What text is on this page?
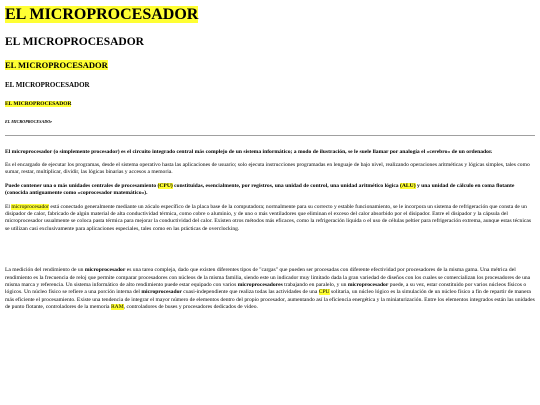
EL MICROPROCESADOR
EL MICROPROCESADOR
EL MICROPROCESADOR
EL MICROPROCESADOR
EL MICROPROCESADOR
EL MICROPROCESADOr

El microprocesador (o simplemente procesador) es el circuito integrado central más complejo de un sistema informático; a modo de ilustración, se le suele llamar por analogía el «cerebro» de un ordenador.

Es el encargado de ejecutar los programas, desde el sistema operativo hasta las aplicaciones de usuario; solo ejecuta instrucciones programadas en lenguaje de bajo nivel, realizando operaciones aritméticas y lógicas simples, tales como sumar, restar, multiplicar, dividir, las lógicas binarias y accesos a memoria.

Puede contener una o más unidades centrales de procesamiento (CPU) constituidas, esencialmente, por registros, una unidad de control, una unidad aritmético lógica (ALU) y una unidad de cálculo en coma flotante (conocida antiguamente como «coprocesador matemático»).

El microprocesador está conectado generalmente mediante un zócalo específico de la placa base de la computadora; normalmente para su correcto y estable funcionamiento, se le incorpora un sistema de refrigeración que consta de un disipador de calor, fabricado de algún material de alta conductividad térmica, como cobre o aluminio, y de uno o más ventiladores que eliminan el exceso del calor absorbido por el disipador. Entre el disipador y la cápsula del microprocesador usualmente se coloca pasta térmica para mejorar la conductividad del calor. Existen otros métodos más eficaces, como la refrigeración líquida o el uso de células peltier para refrigeración extrema, aunque estas técnicas se utilizan casi exclusivamente para aplicaciones especiales, tales como en las prácticas de overclocking.

La medición del rendimiento de un microprocesador es una tarea compleja, dado que existen diferentes tipos de "cargas" que pueden ser procesadas con diferente efectividad por procesadores de la misma gama. Una métrica del rendimiento es la frecuencia de reloj que permite comparar procesadores con núcleos de la misma familia, siendo este un indicador muy limitado dada la gran variedad de diseños con los cuales se comercializan los procesadores de una misma marca y referencia. Un sistema informático de alto rendimiento puede estar equipado con varios microprocesadores trabajando en paralelo, y un microprocesador puede, a su vez, estar constituido por varios núcleos físicos o lógicos. Un núcleo físico se refiere a una porción interna del microprocesador cuasi-independiente que realiza todas las actividades de una CPU solitaria, un núcleo lógico es la simulación de un núcleo físico a fin de repartir de manera más eficiente el procesamiento. Existe una tendencia de integrar el mayor número de elementos dentro del propio procesador, aumentando así la eficiencia energética y la miniaturización. Entre los elementos integrados están las unidades de punto flotante, controladores de la memoria RAM, controladores de buses y procesadores dedicados de video.
